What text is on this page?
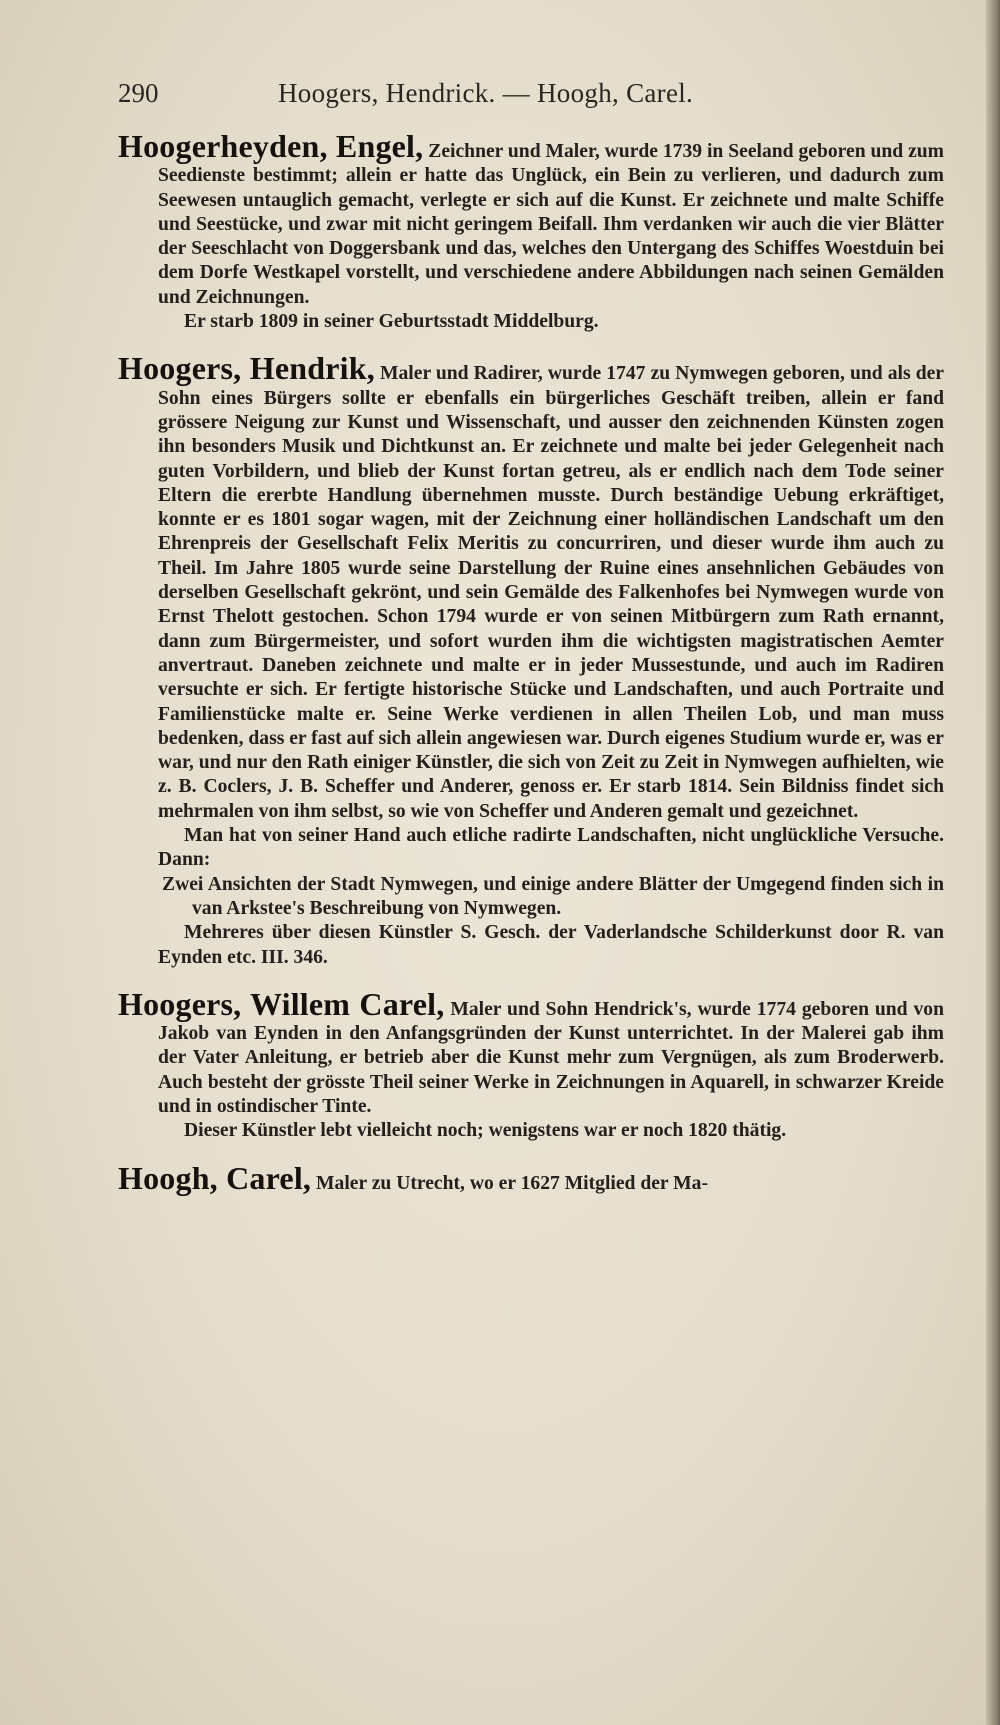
290	Hoogers, Hendrick. — Hoogh, Carel.

Hoogerheyden, Engel, Zeichner und Maler, wurde 1739 in Seeland geboren und zum Seedienste bestimmt; allein er hatte das Unglück, ein Bein zu verlieren, und dadurch zum Seewesen untauglich gemacht, verlegte er sich auf die Kunst. Er zeichnete und malte Schiffe und Seestücke, und zwar mit nicht geringem Beifall. Ihm verdanken wir auch die vier Blätter der Seeschlacht von Doggersbank und das, welches den Untergang des Schiffes Woestduin bei dem Dorfe Westkapel vorstellt, und verschiedene andere Abbildungen nach seinen Gemälden und Zeichnungen.

Er starb 1809 in seiner Geburtsstadt Middelburg.

Hoogers, Hendrik, Maler und Radirer, wurde 1747 zu Nymwegen geboren, und als der Sohn eines Bürgers sollte er ebenfalls ein bürgerliches Geschäft treiben, allein er fand grössere Neigung zur Kunst und Wissenschaft, und ausser den zeichnenden Künsten zogen ihn besonders Musik und Dichtkunst an. Er zeichnete und malte bei jeder Gelegenheit nach guten Vorbildern, und blieb der Kunst fortan getreu, als er endlich nach dem Tode seiner Eltern die ererbte Handlung übernehmen musste. Durch beständige Uebung erkräftiget, konnte er es 1801 sogar wagen, mit der Zeichnung einer holländischen Landschaft um den Ehrenpreis der Gesellschaft Felix Meritis zu concurriren, und dieser wurde ihm auch zu Theil. Im Jahre 1805 wurde seine Darstellung der Ruine eines ansehnlichen Gebäudes von derselben Gesellschaft gekrönt, und sein Gemälde des Falkenhofes bei Nymwegen wurde von Ernst Thelott gestochen. Schon 1794 wurde er von seinen Mitbürgern zum Rath ernannt, dann zum Bürgermeister, und sofort wurden ihm die wichtigsten magistratischen Aemter anvertraut. Daneben zeichnete und malte er in jeder Mussestunde, und auch im Radiren versuchte er sich. Er fertigte historische Stücke und Landschaften, und auch Portraite und Familienstücke malte er. Seine Werke verdienen in allen Theilen Lob, und man muss bedenken, dass er fast auf sich allein angewiesen war. Durch eigenes Studium wurde er, was er war, und nur den Rath einiger Künstler, die sich von Zeit zu Zeit in Nymwegen aufhielten, wie z. B. Coclers, J. B. Scheffer und Anderer, genoss er. Er starb 1814. Sein Bildniss findet sich mehrmalen von ihm selbst, so wie von Scheffer und Anderen gemalt und gezeichnet.

Man hat von seiner Hand auch etliche radirte Landschaften, nicht unglückliche Versuche. Dann:

Zwei Ansichten der Stadt Nymwegen, und einige andere Blätter der Umgegend finden sich in van Arkstee's Beschreibung von Nymwegen.

Mehreres über diesen Künstler S. Gesch. der Vaderlandsche Schilderkunst door R. van Eynden etc. III. 346.

Hoogers, Willem Carel, Maler und Sohn Hendrick's, wurde 1774 geboren und von Jakob van Eynden in den Anfangsgründen der Kunst unterrichtet. In der Malerei gab ihm der Vater Anleitung, er betrieb aber die Kunst mehr zum Vergnügen, als zum Broderwerb. Auch besteht der grösste Theil seiner Werke in Zeichnungen in Aquarell, in schwarzer Kreide und in ostindischer Tinte.

Dieser Künstler lebt vielleicht noch; wenigstens war er noch 1820 thätig.

Hoogh, Carel, Maler zu Utrecht, wo er 1627 Mitglied der Ma-
